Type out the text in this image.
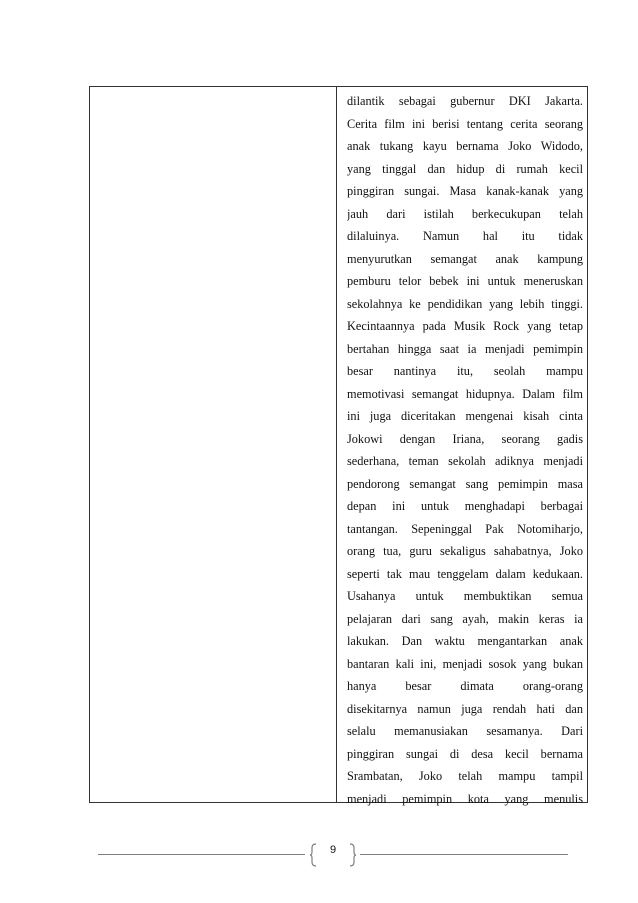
dilantik sebagai gubernur DKI Jakarta.
Cerita film ini berisi tentang cerita seorang
anak tukang kayu bernama Joko Widodo,
yang tinggal dan hidup di rumah kecil
pinggiran sungai. Masa kanak-kanak yang
jauh dari istilah berkecukupan telah
dilaluinya. Namun hal itu tidak
menyurutkan semangat anak kampung
pemburu telor bebek ini untuk meneruskan
sekolahnya ke pendidikan yang lebih tinggi.
Kecintaannya pada Musik Rock yang tetap
bertahan hingga saat ia menjadi pemimpin
besar nantinya itu, seolah mampu
memotivasi semangat hidupnya. Dalam film
ini juga diceritakan mengenai kisah cinta
Jokowi dengan Iriana, seorang gadis
sederhana, teman sekolah adiknya menjadi
pendorong semangat sang pemimpin masa
depan ini untuk menghadapi berbagai
tantangan. Sepeninggal Pak Notomiharjo,
orang tua, guru sekaligus sahabatnya, Joko
seperti tak mau tenggelam dalam kedukaan.
Usahanya untuk membuktikan semua
pelajaran dari sang ayah, makin keras ia
lakukan. Dan waktu mengantarkan anak
bantaran kali ini, menjadi sosok yang bukan
hanya besar dimata orang-orang
disekitarnya namun juga rendah hati dan
selalu memanusiakan sesamanya. Dari
pinggiran sungai di desa kecil bernama
Srambatan, Joko telah mampu tampil
menjadi pemimpin kota yang menulis
9
